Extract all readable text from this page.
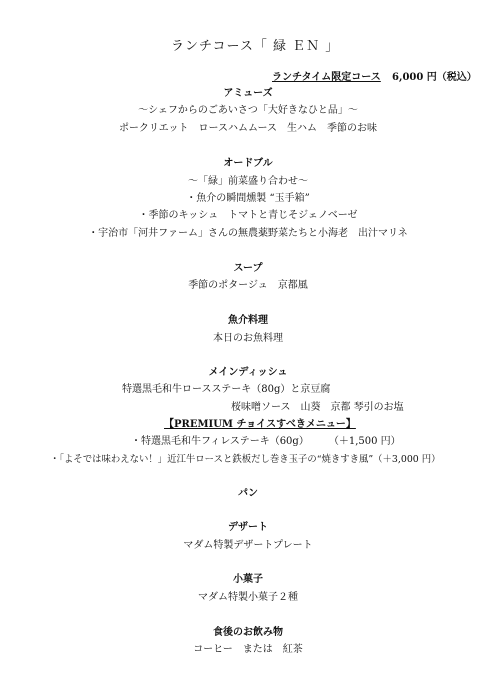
ランチコース「 緑 ＥＮ 」
ランチタイム限定コース 6,000 円（税込）
アミューズ
～シェフからのごあいさつ「大好きなひと品」～
ポークリエット　ロースハムムース　生ハム　季節のお味
オードブル
～「緑」前菜盛り合わせ～
・魚介の瞬間燻製 “玉手箱”
・季節のキッシュ　トマトと青じそジェノベーゼ
・宇治市「河井ファーム」さんの無農薬野菜たちと小海老　出汁マリネ
スープ
季節のポタージュ　京都風
魚介料理
本日のお魚料理
メインディッシュ
特選黒毛和牛ロースステーキ（80g）と京豆腐
桜味噌ソース　山葵　京都 琴引のお塩
【PREMIUM チョイスすべきメニュー】
・特選黒毛和牛フィレステーキ（60g）　　　（＋1,500 円）
・「よそでは味わえない！」近江牛ロースと鉄板だし巻き玉子の“焼きすき風”（＋3,000 円）
パン
デザート
マダム特製デザートプレート
小菓子
マダム特製小菓子２種
食後のお飲み物
コーヒー　または　紅茶
